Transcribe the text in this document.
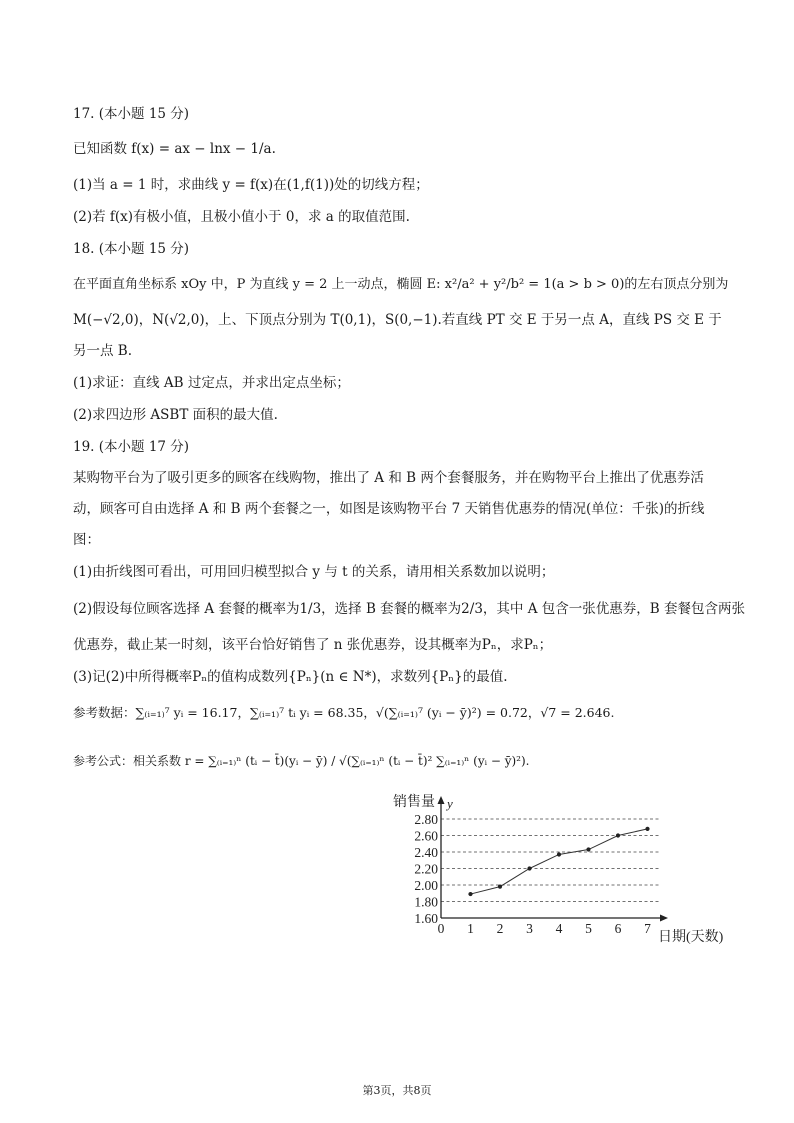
17. (本小题 15 分)
已知函数 f(x) = ax − lnx − 1/a.
(1)当 a = 1 时，求曲线 y = f(x)在(1,f(1))处的切线方程；
(2)若 f(x)有极小值，且极小值小于 0，求 a 的取值范围.
18. (本小题 15 分)
在平面直角坐标系 xOy 中，P 为直线 y = 2 上一动点，椭圆 E: x²/a² + y²/b² = 1(a > b > 0)的左右顶点分别为
M(−√2,0)，N(√2,0)，上、下顶点分别为 T(0,1)，S(0,−1).若直线 PT 交 E 于另一点 A，直线 PS 交 E 于
另一点 B.
(1)求证：直线 AB 过定点，并求出定点坐标；
(2)求四边形 ASBT 面积的最大值.
19. (本小题 17 分)
某购物平台为了吸引更多的顾客在线购物，推出了 A 和 B 两个套餐服务，并在购物平台上推出了优惠券活
动，顾客可自由选择 A 和 B 两个套餐之一，如图是该购物平台 7 天销售优惠券的情况(单位：千张)的折线
图：
(1)由折线图可看出，可用回归模型拟合 y 与 t 的关系，请用相关系数加以说明；
(2)假设每位顾客选择 A 套餐的概率为1/3，选择 B 套餐的概率为2/3，其中 A 包含一张优惠券，B 套餐包含两张
优惠券，截止某一时刻，该平台恰好销售了 n 张优惠券，设其概率为Pₙ，求Pₙ；
(3)记(2)中所得概率Pₙ的值构成数列{Pₙ}(n ∈ N*)，求数列{Pₙ}的最值.
参考数据：∑₍ᵢ₌₁₎⁷ yᵢ = 16.17，∑₍ᵢ₌₁₎⁷ tᵢ yᵢ = 68.35，√(∑₍ᵢ₌₁₎⁷ (yᵢ − ȳ)²) = 0.72，√7 = 2.646.
参考公式：相关系数 r = ∑₍ᵢ₌₁₎ⁿ (tᵢ − t̄)(yᵢ − ȳ) / √(∑₍ᵢ₌₁₎ⁿ (tᵢ − t̄)² ∑₍ᵢ₌₁₎ⁿ (yᵢ − ȳ)²).
销售量 y
日期(天数)
1.60
1.80
2.00
2.20
2.40
2.60
2.80
0 1 2 3 4 5 6 7
第3页，共8页
